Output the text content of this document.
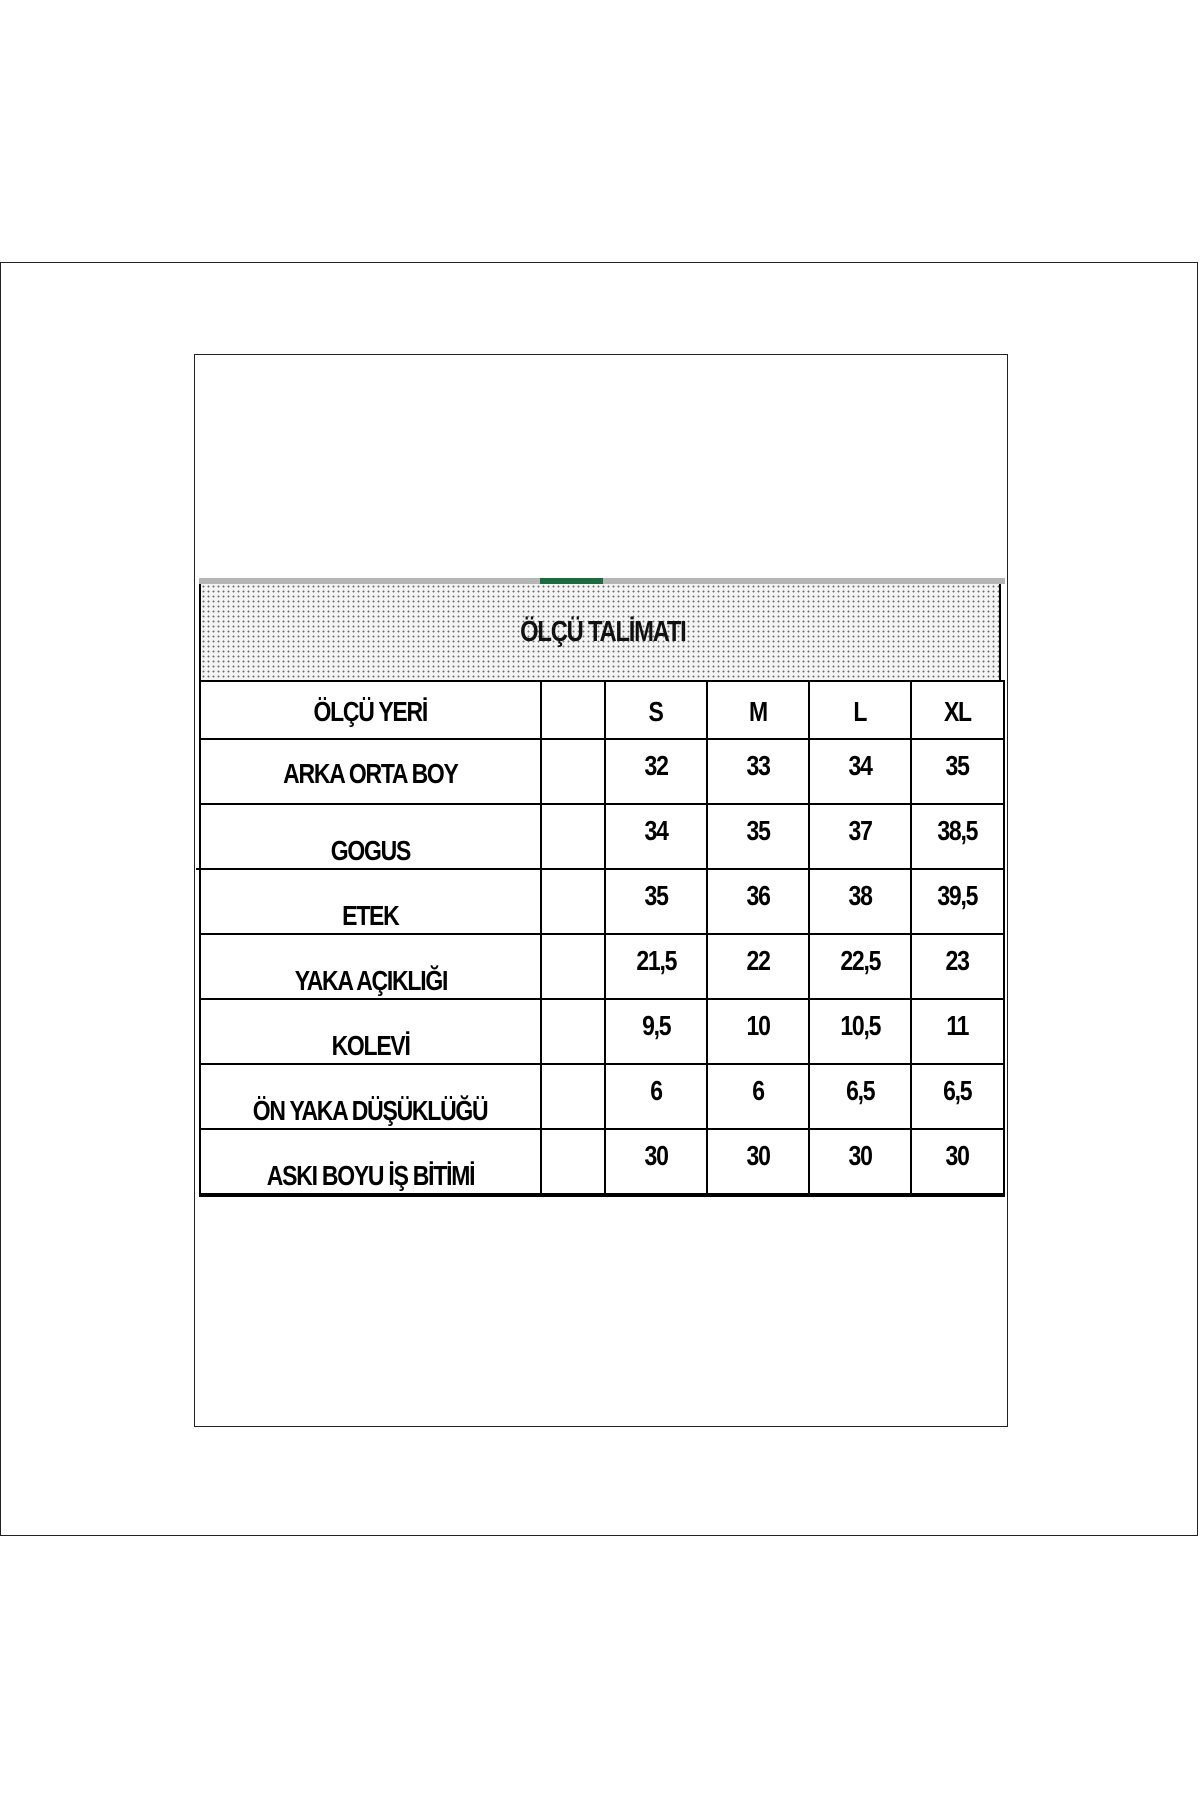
ÖLÇÜ TALİMATI
ÖLÇÜ YERİ		S	M	L	XL
ARKA ORTA BOY		32	33	34	35
GOGUS		34	35	37	38,5
ETEK		35	36	38	39,5
YAKA AÇIKLIĞI		21,5	22	22,5	23
KOLEVİ		9,5	10	10,5	11
ÖN YAKA DÜŞÜKLÜĞÜ		6	6	6,5	6,5
ASKI BOYU İŞ BİTİMİ		30	30	30	30
